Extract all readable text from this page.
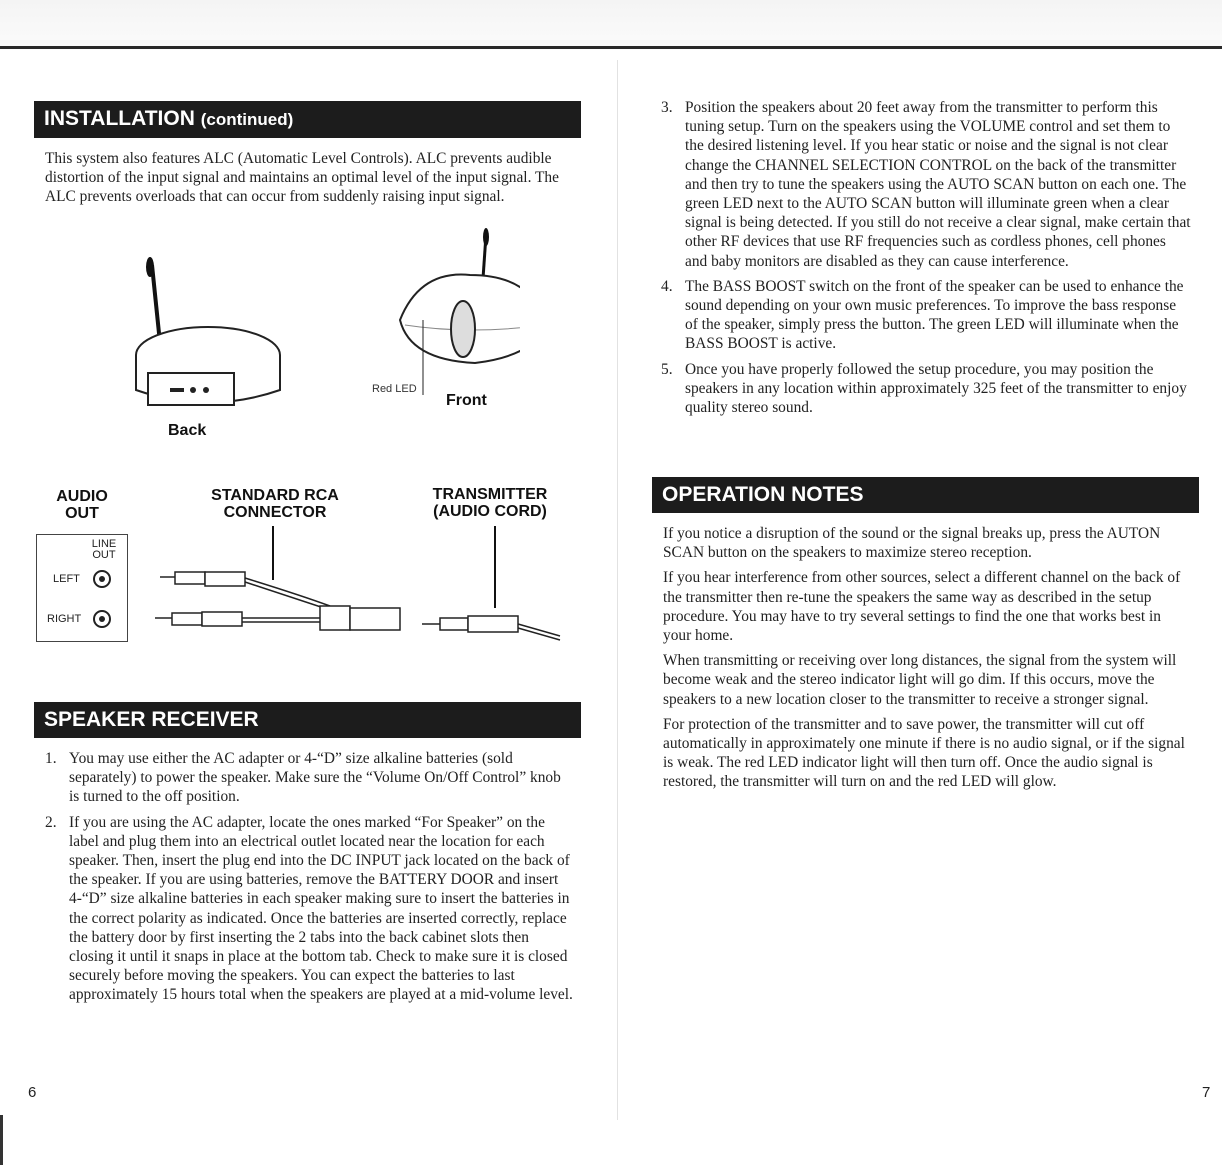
INSTALLATION (continued)

This system also features ALC (Automatic Level Controls). ALC prevents audible distortion of the input signal and maintains an optimal level of the input signal. The ALC prevents overloads that can occur from suddenly raising input signal.

Back
Front
Red LED
AUDIO OUT
STANDARD RCA CONNECTOR
TRANSMITTER (AUDIO CORD)
LINE OUT
LEFT
RIGHT
SPEAKER RECEIVER
1. You may use either the AC adapter or 4-“D” size alkaline batteries (sold separately) to power the speaker. Make sure the “Volume On/Off Control” knob is turned to the off position.
2. If you are using the AC adapter, locate the ones marked “For Speaker” on the label and plug them into an electrical outlet located near the location for each speaker. Then, insert the plug end into the DC INPUT jack located on the back of the speaker. If you are using batteries, remove the BATTERY DOOR and insert 4-“D” size alkaline batteries in each speaker making sure to insert the batteries in the correct polarity as indicated. Once the batteries are inserted correctly, replace the battery door by first inserting the 2 tabs into the back cabinet slots then closing it until it snaps in place at the bottom tab. Check to make sure it is closed securely before moving the speakers. You can expect the batteries to last approximately 15 hours total when the speakers are played at a mid-volume level.
6
3. Position the speakers about 20 feet away from the transmitter to perform this tuning setup. Turn on the speakers using the VOLUME control and set them to the desired listening level. If you hear static or noise and the signal is not clear change the CHANNEL SELECTION CONTROL on the back of the transmitter and then try to tune the speakers using the AUTO SCAN button on each one. The green LED next to the AUTO SCAN button will illuminate green when a clear signal is being detected. If you still do not receive a clear signal, make certain that other RF devices that use RF frequencies such as cordless phones, cell phones and baby monitors are disabled as they can cause interference.
4. The BASS BOOST switch on the front of the speaker can be used to enhance the sound depending on your own music preferences. To improve the bass response of the speaker, simply press the button. The green LED will illuminate when the BASS BOOST is active.
5. Once you have properly followed the setup procedure, you may position the speakers in any location within approximately 325 feet of the transmitter to enjoy quality stereo sound.
OPERATION NOTES

If you notice a disruption of the sound or the signal breaks up, press the AUTON SCAN button on the speakers to maximize stereo reception.

If you hear interference from other sources, select a different channel on the back of the transmitter then re-tune the speakers the same way as described in the setup procedure. You may have to try several settings to find the one that works best in your home.

When transmitting or receiving over long distances, the signal from the system will become weak and the stereo indicator light will go dim. If this occurs, move the speakers to a new location closer to the transmitter to receive a stronger signal.

For protection of the transmitter and to save power, the transmitter will cut off automatically in approximately one minute if there is no audio signal, or if the signal is weak. The red LED indicator light will then turn off. Once the audio signal is restored, the transmitter will turn on and the red LED will glow.

7
